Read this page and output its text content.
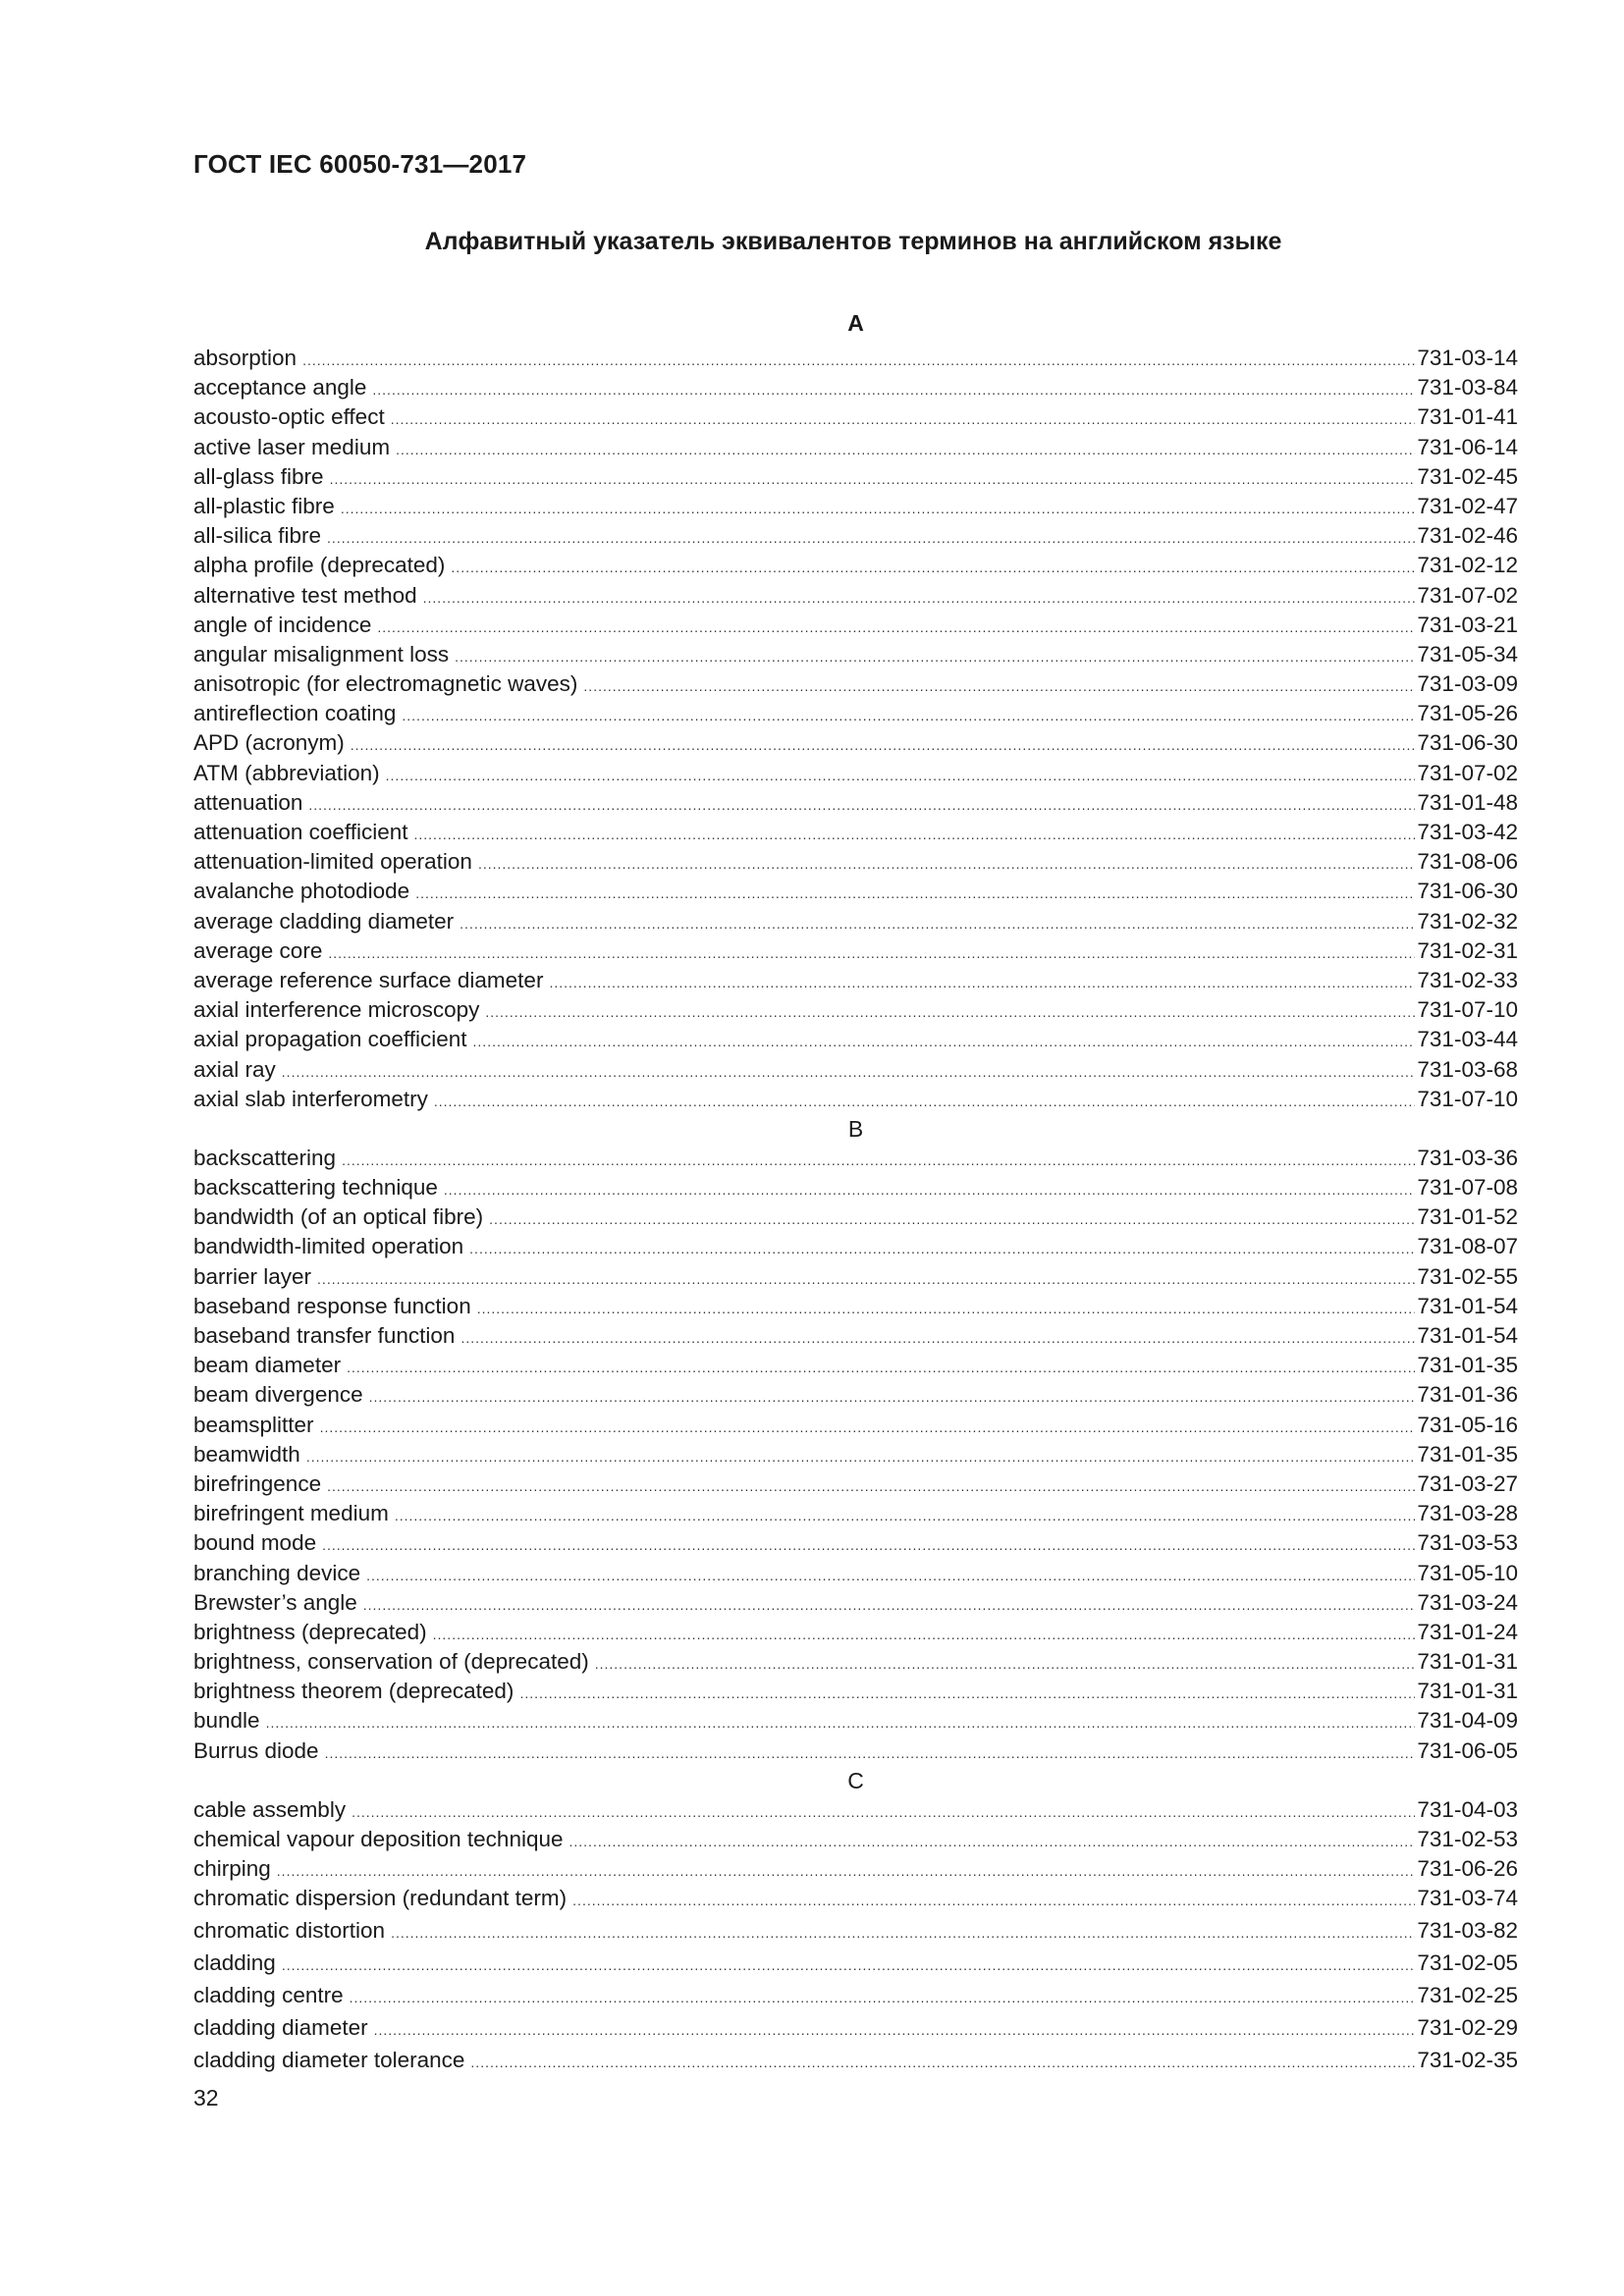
ГОСТ IEC 60050-731—2017
Алфавитный указатель эквивалентов терминов на английском языке
A
absorption .....	731-03-14
acceptance angle .....	731-03-84
acousto-optic effect .....	731-01-41
active laser medium .....	731-06-14
all-glass fibre .....	731-02-45
all-plastic fibre .....	731-02-47
all-silica fibre .....	731-02-46
alpha profile (deprecated) .....	731-02-12
alternative test method .....	731-07-02
angle of incidence .....	731-03-21
angular misalignment loss .....	731-05-34
anisotropic (for electromagnetic waves) .....	731-03-09
antireflection coating .....	731-05-26
APD (acronym) .....	731-06-30
ATM (abbreviation) .....	731-07-02
attenuation .....	731-01-48
attenuation coefficient .....	731-03-42
attenuation-limited operation .....	731-08-06
avalanche photodiode .....	731-06-30
average cladding diameter .....	731-02-32
average core .....	731-02-31
average reference surface diameter .....	731-02-33
axial interference microscopy .....	731-07-10
axial propagation coefficient .....	731-03-44
axial ray .....	731-03-68
axial slab interferometry .....	731-07-10
B
backscattering .....	731-03-36
backscattering technique .....	731-07-08
bandwidth (of an optical fibre) .....	731-01-52
bandwidth-limited operation .....	731-08-07
barrier layer .....	731-02-55
baseband response function .....	731-01-54
baseband transfer function .....	731-01-54
beam diameter .....	731-01-35
beam divergence .....	731-01-36
beamsplitter .....	731-05-16
beamwidth .....	731-01-35
birefringence .....	731-03-27
birefringent medium .....	731-03-28
bound mode .....	731-03-53
branching device .....	731-05-10
Brewster’s angle .....	731-03-24
brightness (deprecated) .....	731-01-24
brightness, conservation of (deprecated) .....	731-01-31
brightness theorem (deprecated) .....	731-01-31
bundle .....	731-04-09
Burrus diode .....	731-06-05
C
cable assembly .....	731-04-03
chemical vapour deposition technique .....	731-02-53
chirping .....	731-06-26
chromatic dispersion (redundant term) .....	731-03-74
chromatic distortion .....	731-03-82
cladding .....	731-02-05
cladding centre .....	731-02-25
cladding diameter .....	731-02-29
cladding diameter tolerance .....	731-02-35
32
